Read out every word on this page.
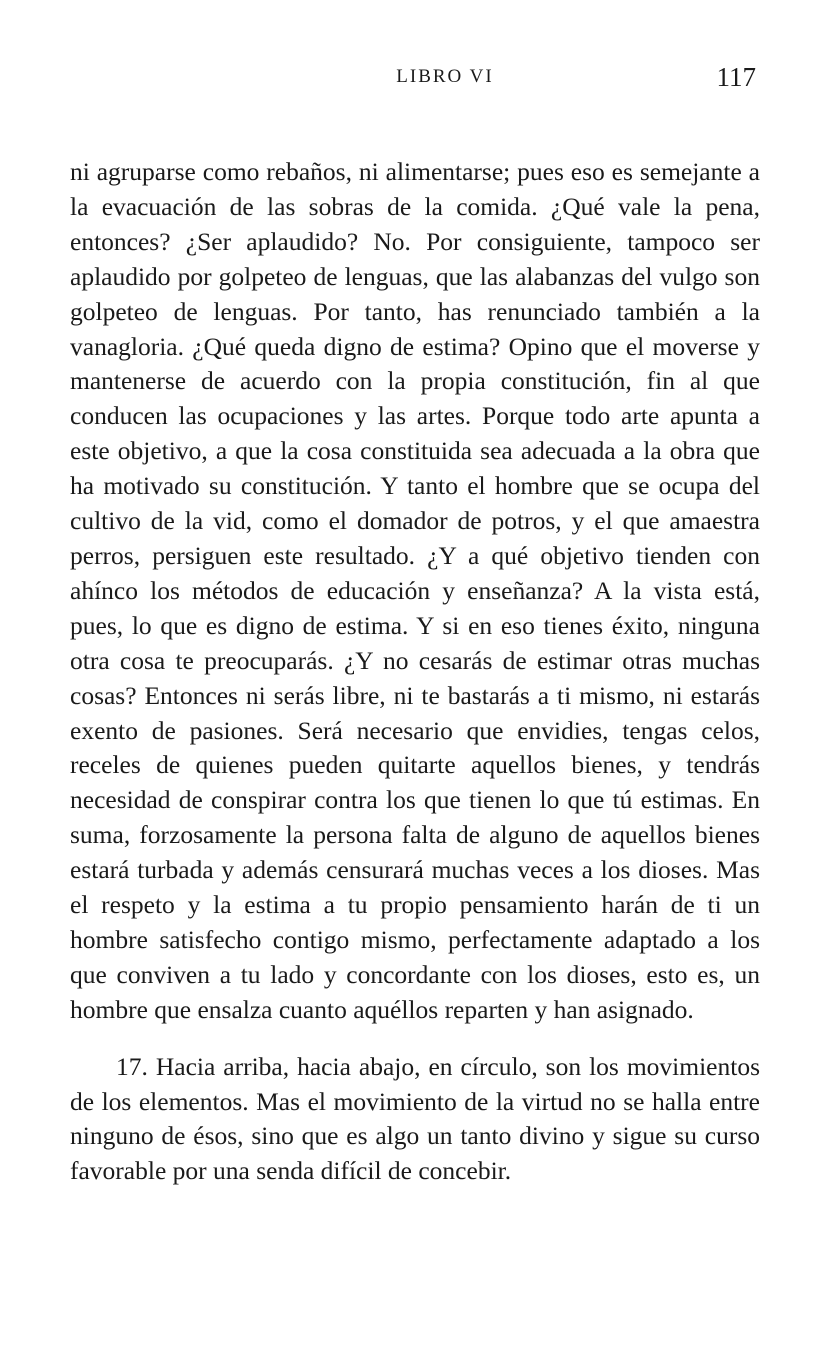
LIBRO VI	117

ni agruparse como rebaños, ni alimentarse; pues eso es semejante a la evacuación de las sobras de la comida. ¿Qué vale la pena, entonces? ¿Ser aplaudido? No. Por consiguiente, tampoco ser aplaudido por golpeteo de lenguas, que las alabanzas del vulgo son golpeteo de lenguas. Por tanto, has renunciado también a la vanagloria. ¿Qué queda digno de estima? Opino que el moverse y mantenerse de acuerdo con la propia constitución, fin al que conducen las ocupaciones y las artes. Porque todo arte apunta a este objetivo, a que la cosa constituida sea adecuada a la obra que ha motivado su constitución. Y tanto el hombre que se ocupa del cultivo de la vid, como el domador de potros, y el que amaestra perros, persiguen este resultado. ¿Y a qué objetivo tienden con ahínco los métodos de educación y enseñanza? A la vista está, pues, lo que es digno de estima. Y si en eso tienes éxito, ninguna otra cosa te preocuparás. ¿Y no cesarás de estimar otras muchas cosas? Entonces ni serás libre, ni te bastarás a ti mismo, ni estarás exento de pasiones. Será necesario que envidies, tengas celos, receles de quienes pueden quitarte aquellos bienes, y tendrás necesidad de conspirar contra los que tienen lo que tú estimas. En suma, forzosamente la persona falta de alguno de aquellos bienes estará turbada y además censurará muchas veces a los dioses. Mas el respeto y la estima a tu propio pensamiento harán de ti un hombre satisfecho contigo mismo, perfectamente adaptado a los que conviven a tu lado y concordante con los dioses, esto es, un hombre que ensalza cuanto aquéllos reparten y han asignado.

17. Hacia arriba, hacia abajo, en círculo, son los movimientos de los elementos. Mas el movimiento de la virtud no se halla entre ninguno de ésos, sino que es algo un tanto divino y sigue su curso favorable por una senda difícil de concebir.
